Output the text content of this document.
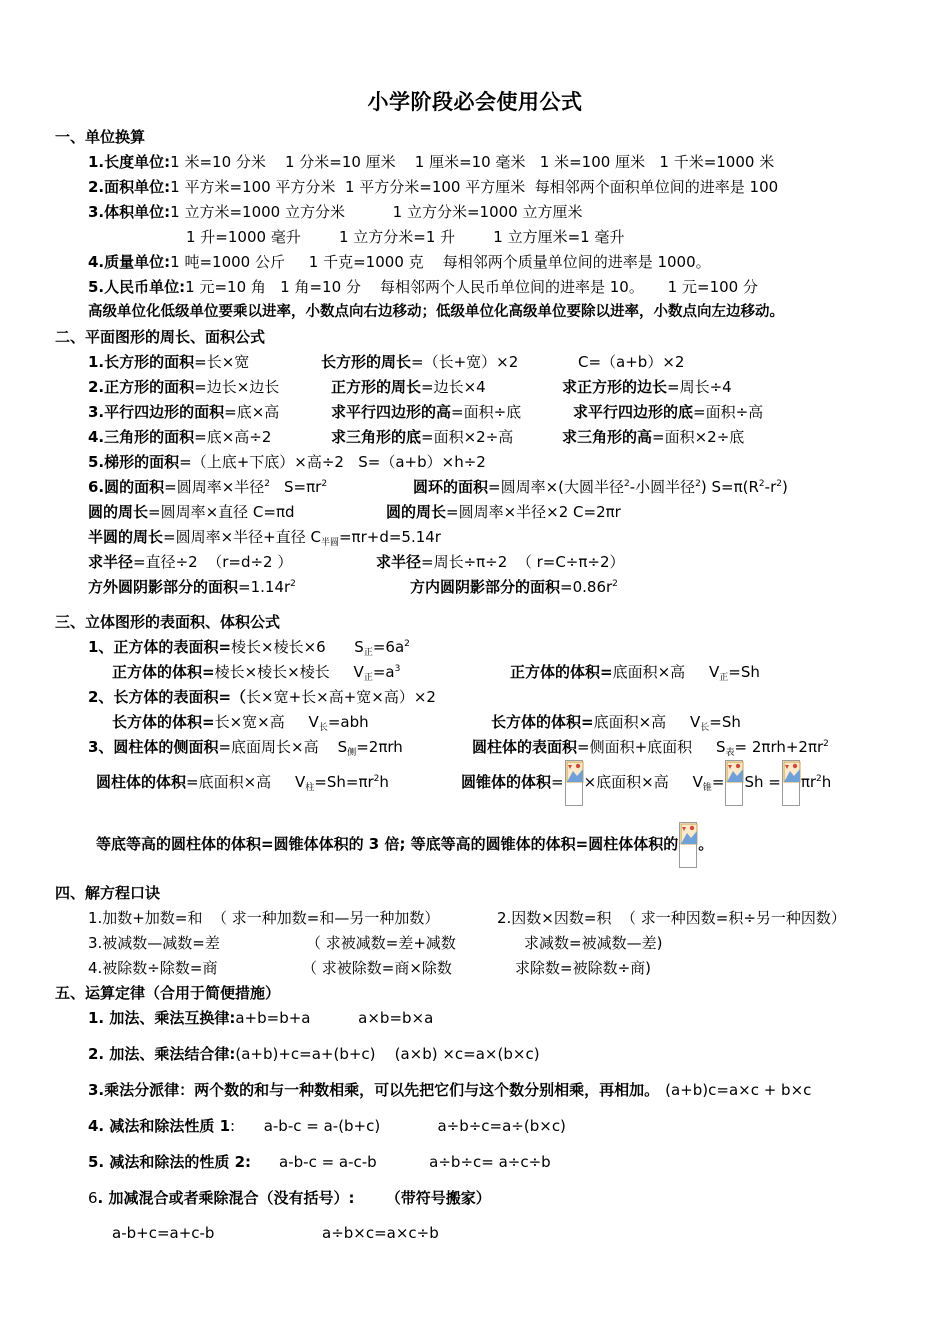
小学阶段必会使用公式
一、单位换算
1.长度单位:1 米=10 分米    1 分米=10 厘米    1 厘米=10 毫米   1 米=100 厘米   1 千米=1000 米
2.面积单位:1 平方米=100 平方分米  1 平方分米=100 平方厘米  每相邻两个面积单位间的进率是 100
3.体积单位:1 立方米=1000 立方分米          1 立方分米=1000 立方厘米
1 升=1000 毫升        1 立方分米=1 升        1 立方厘米=1 毫升
4.质量单位:1 吨=1000 公斤     1 千克=1000 克    每相邻两个质量单位间的进率是 1000。
5.人民币单位:1 元=10 角   1 角=10 分    每相邻两个人民币单位间的进率是 10。     1 元=100 分
高级单位化低级单位要乘以进率，小数点向右边移动；低级单位化高级单位要除以进率，小数点向左边移动。
二、平面图形的周长、面积公式
1.长方形的面积=长×宽	长方形的周长=（长+宽）×2	C=（a+b）×2
2.正方形的面积=边长×边长	正方形的周长=边长×4	求正方形的边长=周长÷4
3.平行四边形的面积=底×高	求平行四边形的高=面积÷底	求平行四边形的底=面积÷高
4.三角形的面积=底×高÷2	求三角形的底=面积×2÷高	求三角形的高=面积×2÷底
5.梯形的面积=（上底+下底）×高÷2   S=（a+b）×h÷2
6.圆的面积=圆周率×半径$^2$ $S=\pi r^2$	圆环的面积=圆周率×(大圆半径$^2$-小圆半径$^2$) $S=\pi(R^2-r^2)$
圆的周长=圆周率×直径 C=πd	圆的周长=圆周率×半径×2 C=2πr
半圆的周长=圆周率×半径+直径 $C_{半圆}=\pi r+d=5.14r$
求半径=直径÷2  （r=d÷2 ）	求半径=周长÷π÷2  （ r=C÷π÷2）
方外圆阴影部分的面积$=1.14r^2$	方内圆阴影部分的面积$=0.86r^2$
三、立体图形的表面积、体积公式
1、正方体的表面积=棱长×棱长×6      $S_正=6a^2$
正方体的体积=棱长×棱长×棱长     $V_正=a^3$	正方体的体积=底面积×高     $V_正=Sh$
2、长方体的表面积=（长×宽+长×高+宽×高）×2
长方体的体积=长×宽×高     $V_长=abh$	长方体的体积=底面积×高     $V_长=Sh$
3、圆柱体的侧面积=底面周长×高    $S_侧=2\pi rh$	圆柱体的表面积=侧面积+底面积     $S_表= 2\pi rh+2\pi r^2$
圆柱体的体积=底面积×高     $V_柱=Sh=\pi r^2h$	圆锥体的体积= ×底面积×高     $V_锥= Sh = \pi r^2h$
等底等高的圆柱体的体积=圆锥体体积的 3 倍; 等底等高的圆锥体的体积=圆柱体体积的 。
四、解方程口诀
1.加数+加数=和  （ 求一种加数=和—另一种加数）	2.因数×因数=积  （ 求一种因数=积÷另一种因数）
3.被减数—减数=差	（ 求被减数=差+减数	求减数=被减数—差)
4.被除数÷除数=商	（ 求被除数=商×除数	求除数=被除数÷商)
五、运算定律（合用于简便措施）
1. 加法、乘法互换律:a+b=b+a          a×b=b×a
2. 加法、乘法结合律:(a+b)+c=a+(b+c)    (a×b) ×c=a×(b×c)
3.乘法分派律：两个数的和与一种数相乘，可以先把它们与这个数分别相乘，再相加。 (a+b)c=a×c + b×c
4. 减法和除法性质 1:      a-b-c = a-(b+c)            a÷b÷c=a÷(b×c)
5. 减法和除法的性质 2: a-b-c = a-c-b           a÷b÷c= a÷c÷b
6. 加减混合或者乘除混合（没有括号）:      （带符号搬家）
a-b+c=a+c-b	a÷b×c=a×c÷b
